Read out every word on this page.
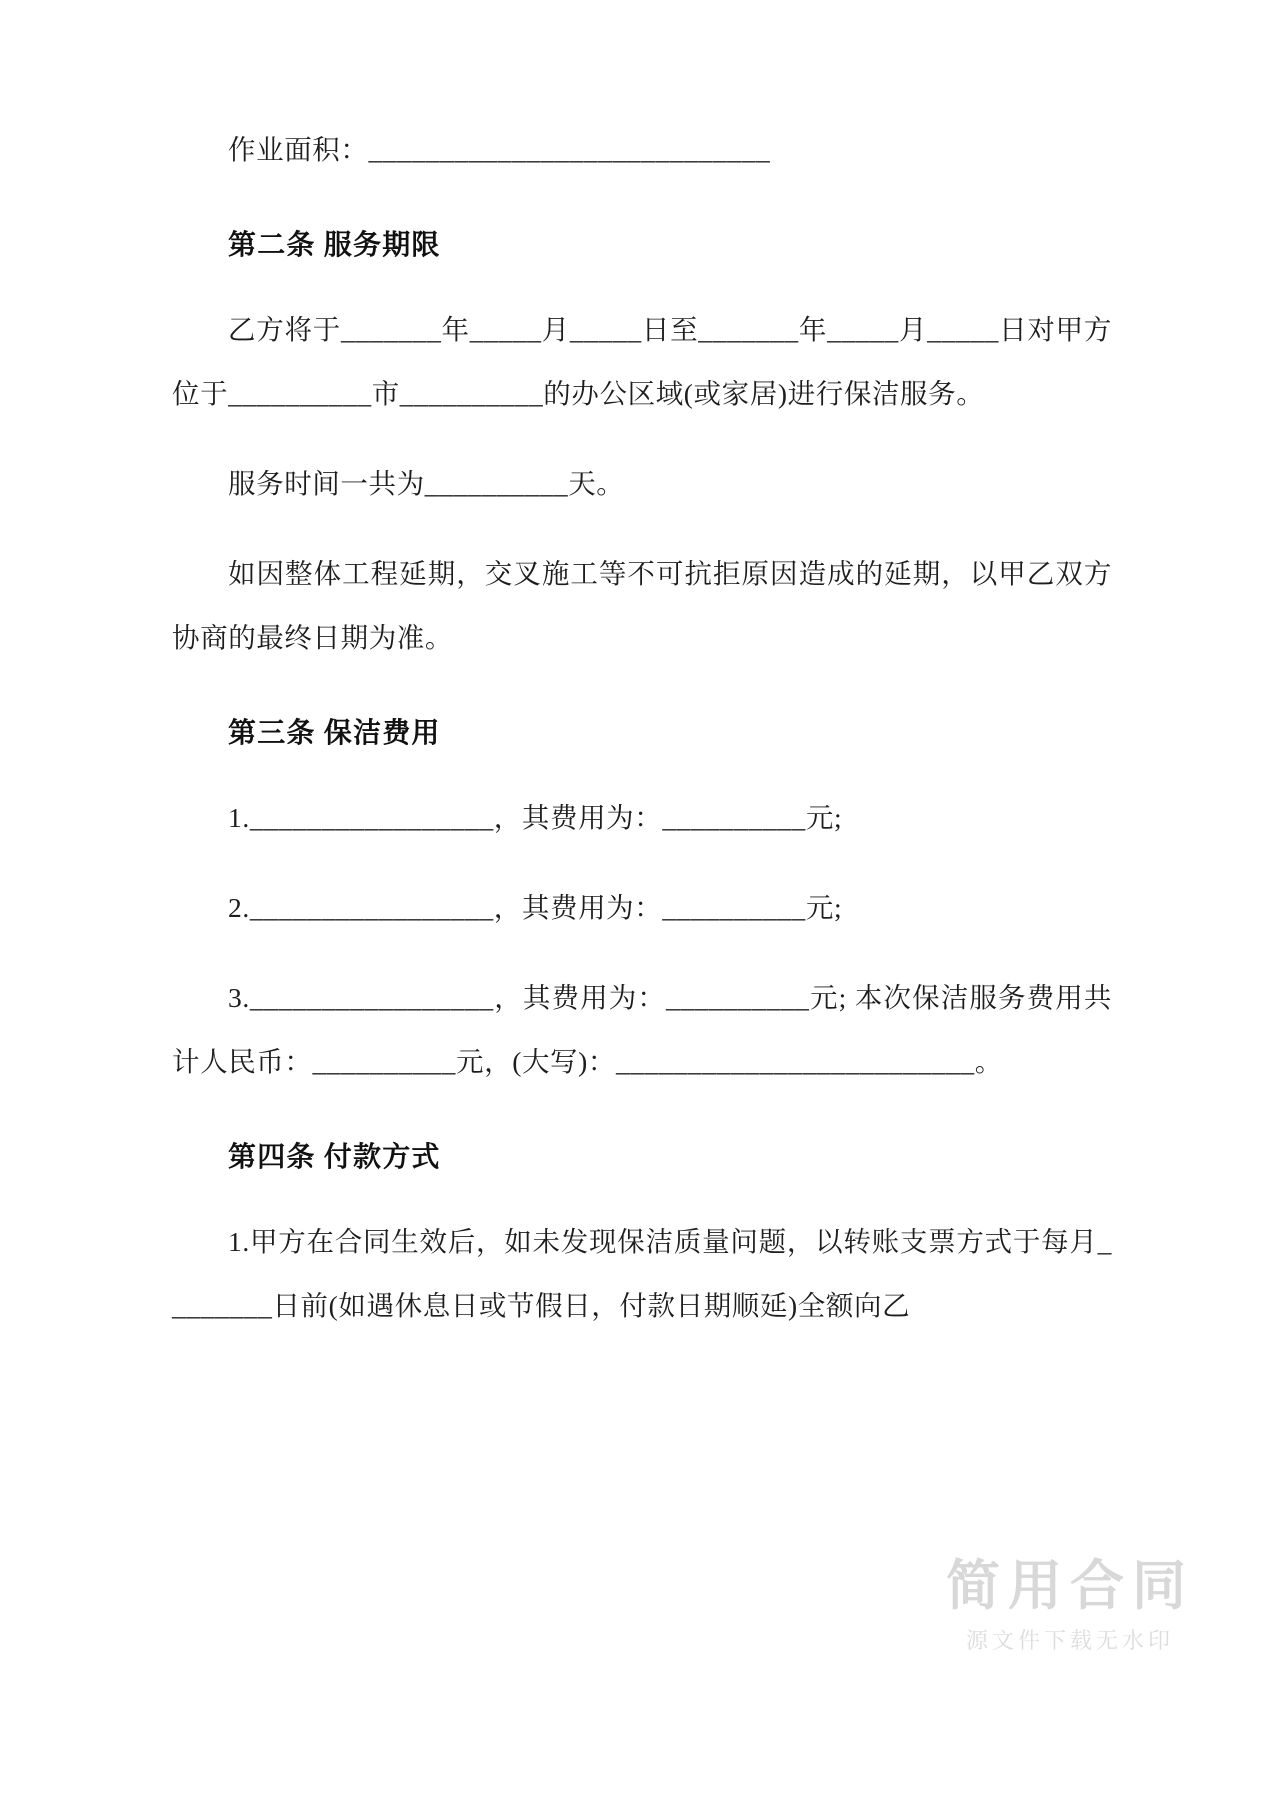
作业面积：____________________________

第二条 服务期限

乙方将于_______年_____月_____日至_______年_____月_____日对甲方位于__________市__________的办公区域(或家居)进行保洁服务。

服务时间一共为__________天。

如因整体工程延期，交叉施工等不可抗拒原因造成的延期，以甲乙双方协商的最终日期为准。

第三条 保洁费用

1._________________，其费用为：__________元;

2._________________，其费用为：__________元;

3._________________，其费用为：__________元; 本次保洁服务费用共计人民币：__________元，(大写)：_________________________。

第四条 付款方式

1.甲方在合同生效后，如未发现保洁质量问题，以转账支票方式于每月________日前(如遇休息日或节假日，付款日期顺延)全额向乙

简用合同
源文件下载无水印
